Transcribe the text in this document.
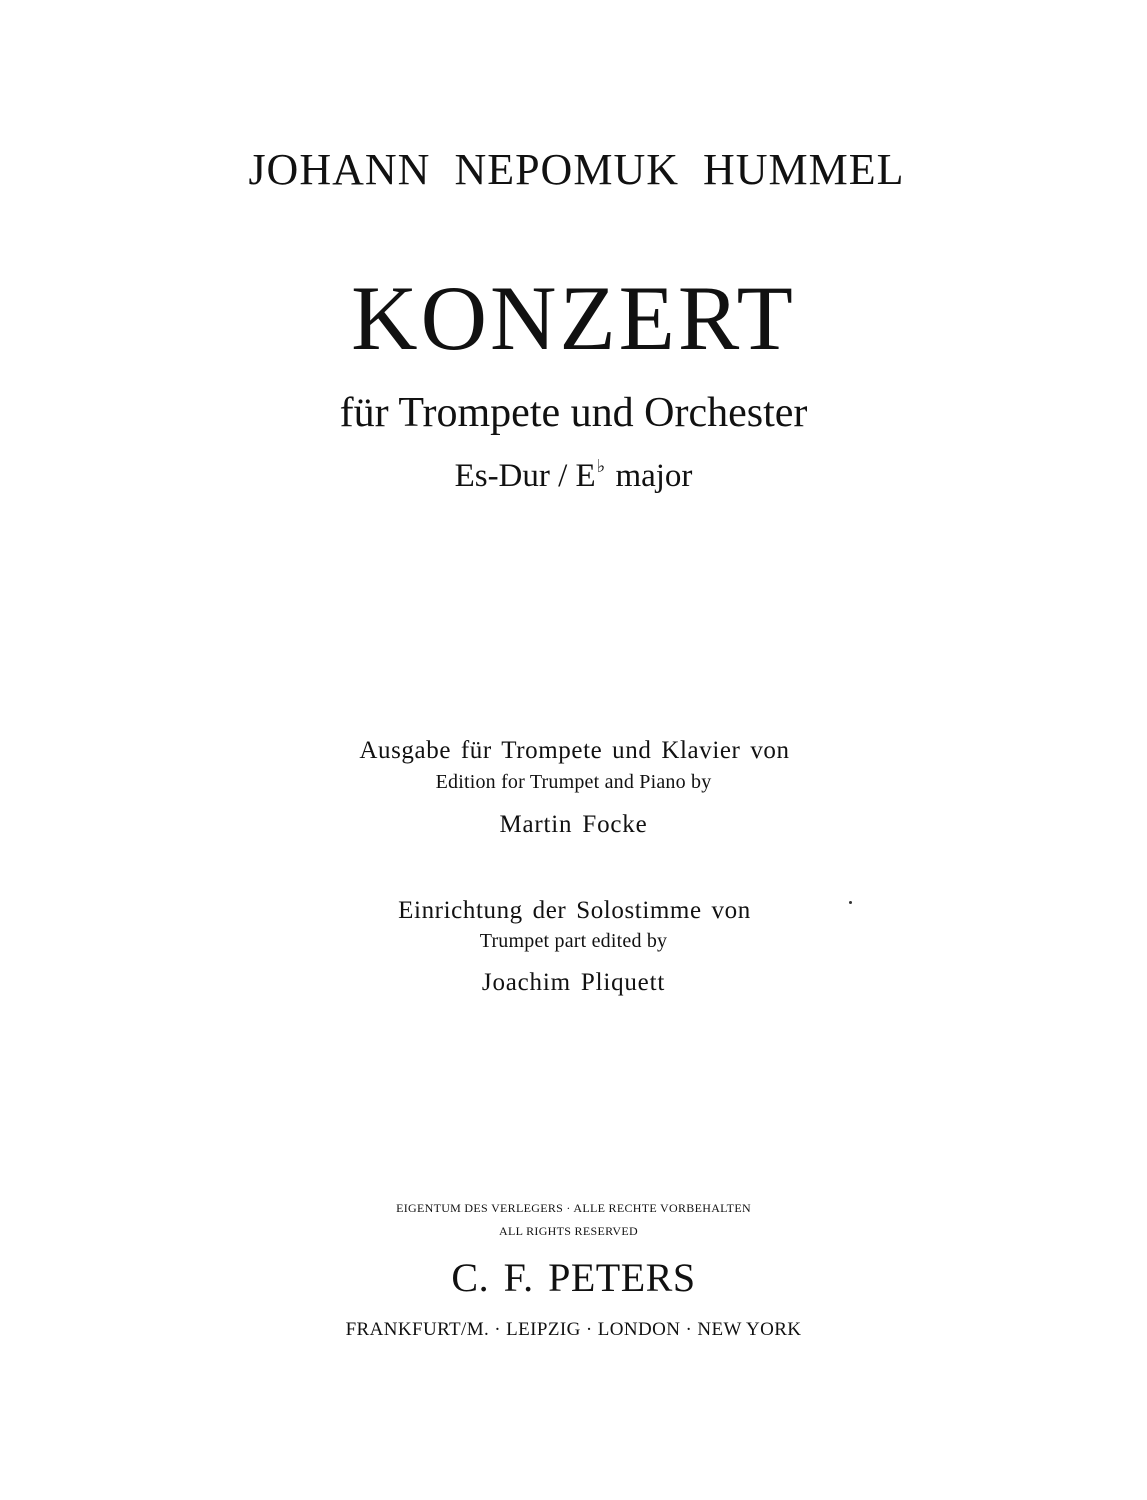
JOHANN NEPOMUK HUMMEL
KONZERT
für Trompete und Orchester
Es-Dur / E♭ major
Ausgabe für Trompete und Klavier von
Edition for Trumpet and Piano by
Martin Focke
Einrichtung der Solostimme von
Trumpet part edited by
Joachim Pliquett
EIGENTUM DES VERLEGERS · ALLE RECHTE VORBEHALTEN
ALL RIGHTS RESERVED
C. F. PETERS
FRANKFURT/M. · LEIPZIG · LONDON · NEW YORK
